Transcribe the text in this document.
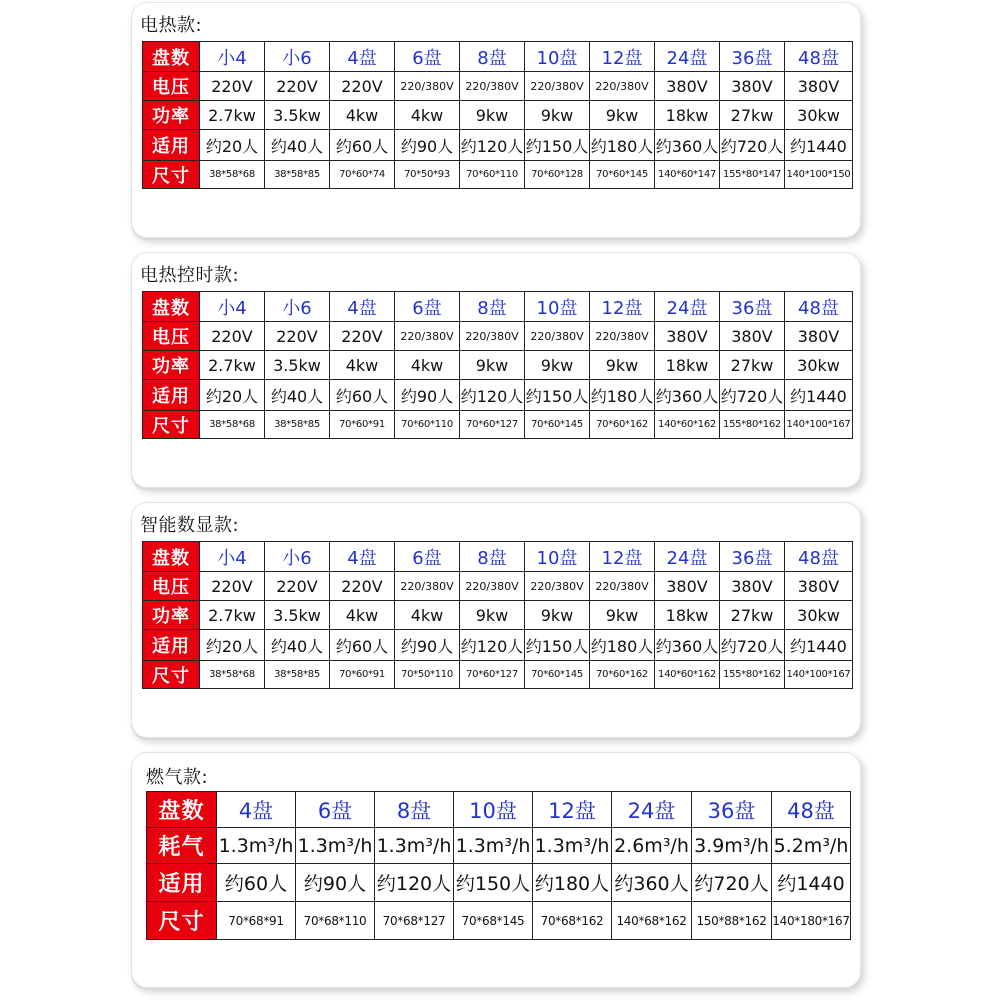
电热款:
盘数	小4	小6	4盘	6盘	8盘	10盘	12盘	24盘	36盘	48盘
电压	220V	220V	220V	220/380V	220/380V	220/380V	220/380V	380V	380V	380V
功率	2.7kw	3.5kw	4kw	4kw	9kw	9kw	9kw	18kw	27kw	30kw
适用	约20人	约40人	约60人	约90人	约120人	约150人	约180人	约360人	约720人	约1440
尺寸	38*58*68	38*58*85	70*60*74	70*50*93	70*60*110	70*60*128	70*60*145	140*60*147	155*80*147	140*100*150
电热控时款:
盘数	小4	小6	4盘	6盘	8盘	10盘	12盘	24盘	36盘	48盘
电压	220V	220V	220V	220/380V	220/380V	220/380V	220/380V	380V	380V	380V
功率	2.7kw	3.5kw	4kw	4kw	9kw	9kw	9kw	18kw	27kw	30kw
适用	约20人	约40人	约60人	约90人	约120人	约150人	约180人	约360人	约720人	约1440
尺寸	38*58*68	38*58*85	70*60*91	70*60*110	70*60*127	70*60*145	70*60*162	140*60*162	155*80*162	140*100*167
智能数显款:
盘数	小4	小6	4盘	6盘	8盘	10盘	12盘	24盘	36盘	48盘
电压	220V	220V	220V	220/380V	220/380V	220/380V	220/380V	380V	380V	380V
功率	2.7kw	3.5kw	4kw	4kw	9kw	9kw	9kw	18kw	27kw	30kw
适用	约20人	约40人	约60人	约90人	约120人	约150人	约180人	约360人	约720人	约1440
尺寸	38*58*68	38*58*85	70*60*91	70*50*110	70*60*127	70*60*145	70*60*162	140*60*162	155*80*162	140*100*167
燃气款:
盘数	4盘	6盘	8盘	10盘	12盘	24盘	36盘	48盘
耗气	1.3m³/h	1.3m³/h	1.3m³/h	1.3m³/h	1.3m³/h	2.6m³/h	3.9m³/h	5.2m³/h
适用	约60人	约90人	约120人	约150人	约180人	约360人	约720人	约1440
尺寸	70*68*91	70*68*110	70*68*127	70*68*145	70*68*162	140*68*162	150*88*162	140*180*167
